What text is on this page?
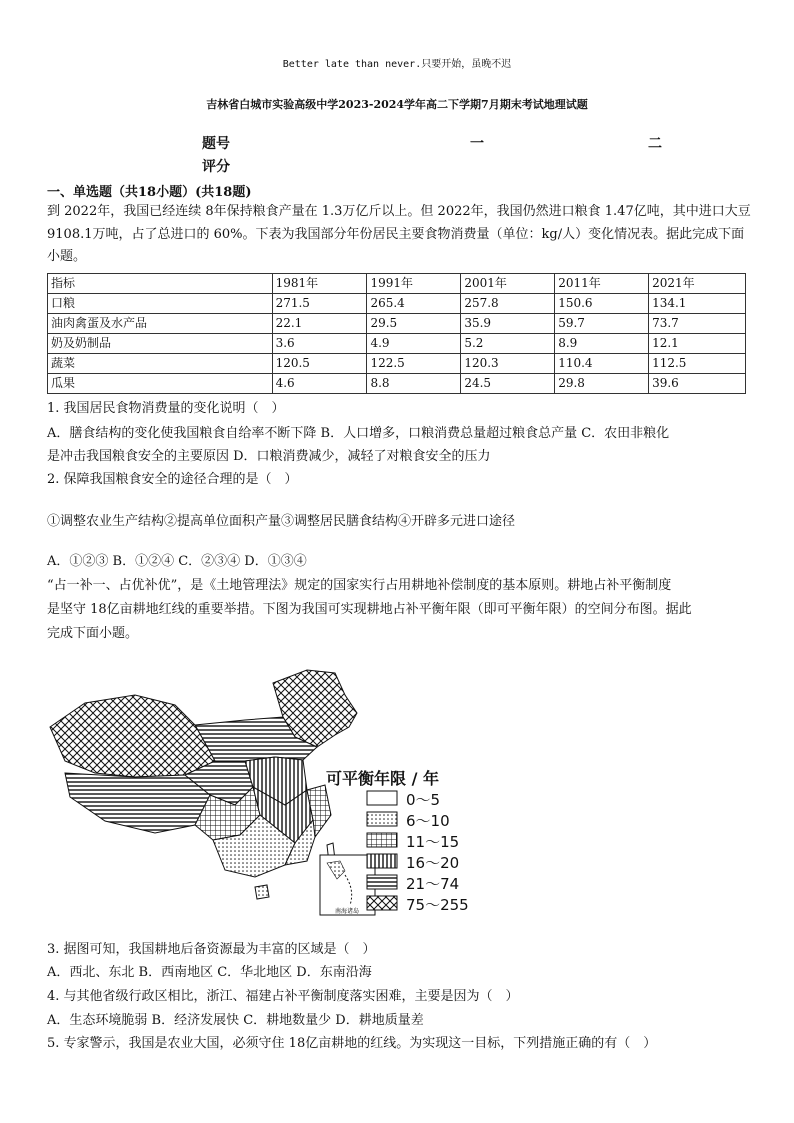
Better late than never.只要开始，虽晚不迟
吉林省白城市实验高级中学2023-2024学年高二下学期7月期末考试地理试题
题号	一	二
评分
一、单选题（共18小题）(共18题)
到 2022年，我国已经连续 8年保持粮食产量在 1.3万亿斤以上。但 2022年，我国仍然进口粮食 1.47亿吨，其中进口大豆 9108.1万吨，占了总进口的 60%。下表为我国部分年份居民主要食物消费量（单位：kg/人）变化情况表。据此完成下面小题。
指标	1981年	1991年	2001年	2011年	2021年
口粮	271.5	265.4	257.8	150.6	134.1
油肉禽蛋及水产品	22.1	29.5	35.9	59.7	73.7
奶及奶制品	3.6	4.9	5.2	8.9	12.1
蔬菜	120.5	122.5	120.3	110.4	112.5
瓜果	4.6	8.8	24.5	29.8	39.6
1. 我国居民食物消费量的变化说明（　）
A．膳食结构的变化使我国粮食自给率不断下降 B．人口增多，口粮消费总量超过粮食总产量 C．农田非粮化
是冲击我国粮食安全的主要原因 D．口粮消费减少，减轻了对粮食安全的压力
2. 保障我国粮食安全的途径合理的是（　）
①调整农业生产结构②提高单位面积产量③调整居民膳食结构④开辟多元进口途径
A．①②③ B．①②④ C．②③④ D．①③④
“占一补一、占优补优”，是《土地管理法》规定的国家实行占用耕地补偿制度的基本原则。耕地占补平衡制度
是坚守 18亿亩耕地红线的重要举措。下图为我国可实现耕地占补平衡年限（即可平衡年限）的空间分布图。据此
完成下面小题。
南海诸岛
可平衡年限 / 年
0～5
6～10
11～15
16～20
21～74
75～255
3. 据图可知，我国耕地后备资源最为丰富的区域是（　）
A．西北、东北 B．西南地区 C．华北地区 D．东南沿海
4. 与其他省级行政区相比，浙江、福建占补平衡制度落实困难，主要是因为（　）
A．生态环境脆弱 B．经济发展快 C．耕地数量少 D．耕地质量差
5. 专家警示，我国是农业大国，必须守住 18亿亩耕地的红线。为实现这一目标，下列措施正确的有（　）
